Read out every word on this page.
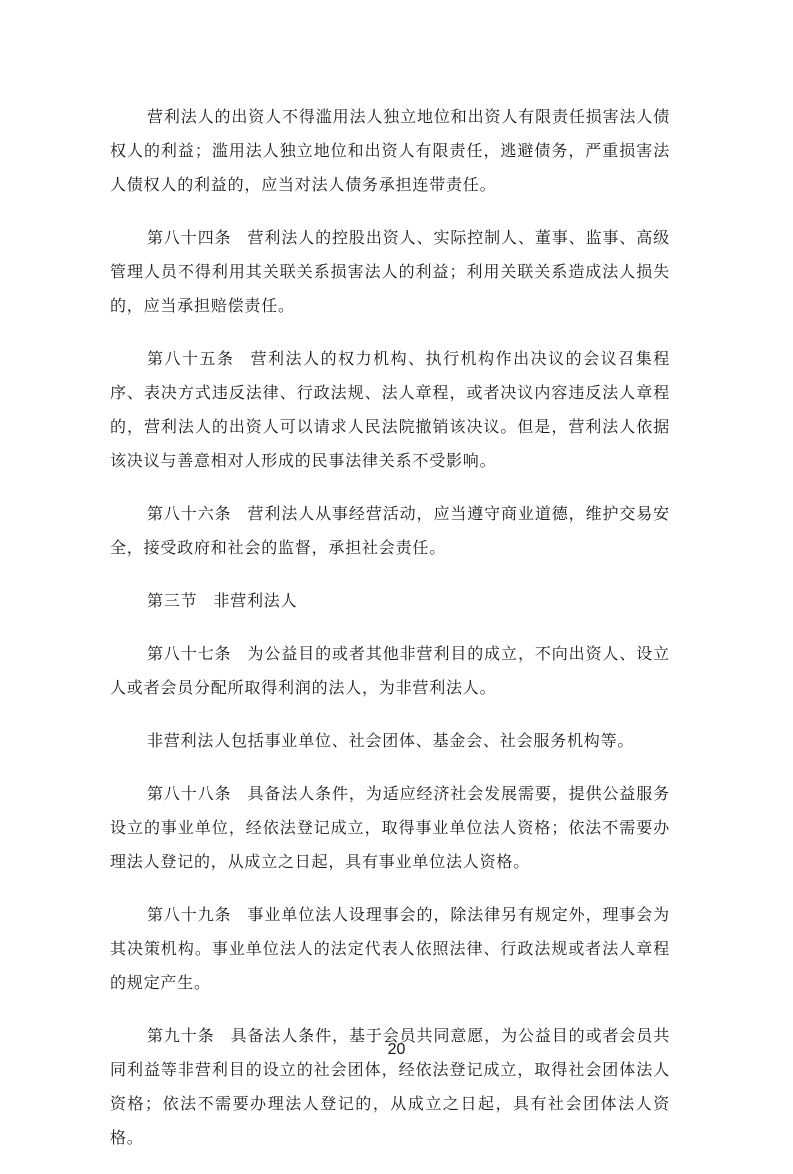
营利法人的出资人不得滥用法人独立地位和出资人有限责任损害法人债权人的利益；滥用法人独立地位和出资人有限责任，逃避债务，严重损害法人债权人的利益的，应当对法人债务承担连带责任。

第八十四条 营利法人的控股出资人、实际控制人、董事、监事、高级管理人员不得利用其关联关系损害法人的利益；利用关联关系造成法人损失的，应当承担赔偿责任。

第八十五条 营利法人的权力机构、执行机构作出决议的会议召集程序、表决方式违反法律、行政法规、法人章程，或者决议内容违反法人章程的，营利法人的出资人可以请求人民法院撤销该决议。但是，营利法人依据该决议与善意相对人形成的民事法律关系不受影响。

第八十六条 营利法人从事经营活动，应当遵守商业道德，维护交易安全，接受政府和社会的监督，承担社会责任。

第三节 非营利法人

第八十七条 为公益目的或者其他非营利目的成立，不向出资人、设立人或者会员分配所取得利润的法人，为非营利法人。

非营利法人包括事业单位、社会团体、基金会、社会服务机构等。

第八十八条 具备法人条件，为适应经济社会发展需要，提供公益服务设立的事业单位，经依法登记成立，取得事业单位法人资格；依法不需要办理法人登记的，从成立之日起，具有事业单位法人资格。

第八十九条 事业单位法人设理事会的，除法律另有规定外，理事会为其决策机构。事业单位法人的法定代表人依照法律、行政法规或者法人章程的规定产生。

第九十条 具备法人条件，基于会员共同意愿，为公益目的或者会员共同利益等非营利目的设立的社会团体，经依法登记成立，取得社会团体法人资格；依法不需要办理法人登记的，从成立之日起，具有社会团体法人资格。

20
